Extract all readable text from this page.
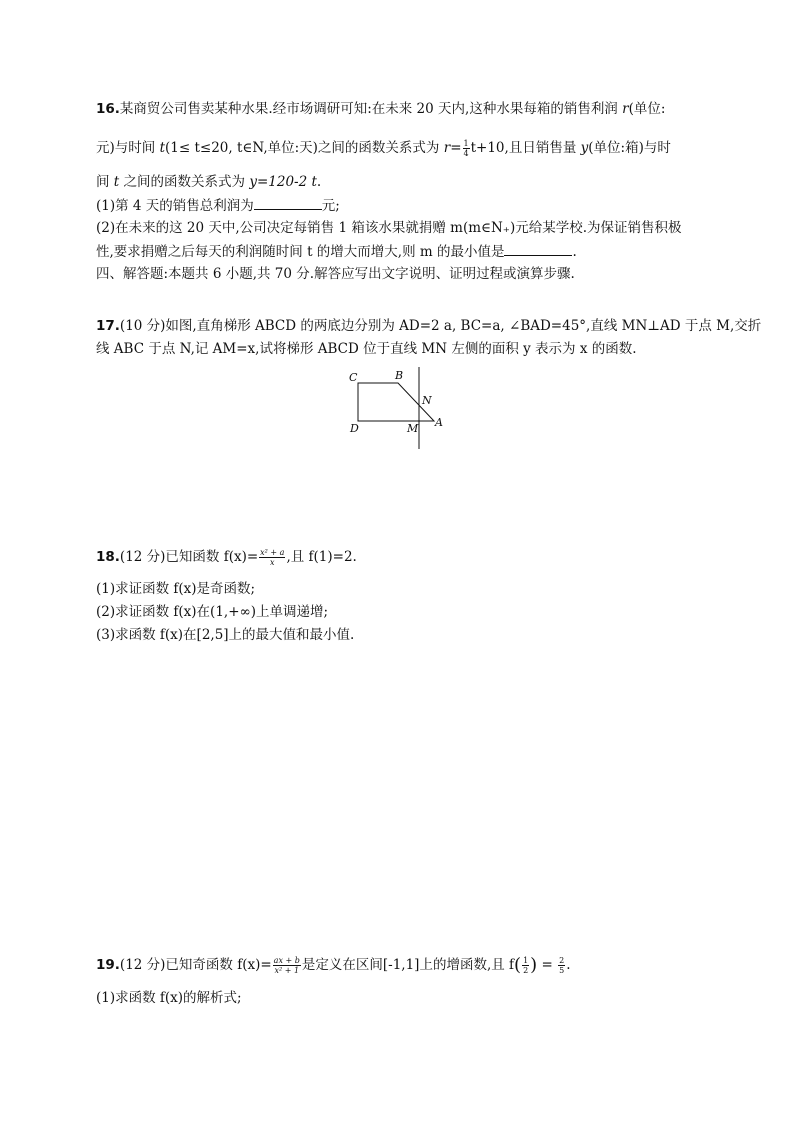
16.某商贸公司售卖某种水果.经市场调研可知:在未来 20 天内,这种水果每箱的销售利润 r(单位:
元)与时间 t(1≤ t≤20, t∈N,单位:天)之间的函数关系式为 $r= \frac{1}{4} t+10$,且日销售量 y(单位:箱)与时
间 t 之间的函数关系式为 y=120-2 t.
(1)第 4 天的销售总利润为	元;
(2)在未来的这 20 天中,公司决定每销售 1 箱该水果就捐赠 m(m∈N₊)元给某学校.为保证销售积极
性,要求捐赠之后每天的利润随时间 t 的增大而增大,则 m 的最小值是	.
四、解答题:本题共 6 小题,共 70 分.解答应写出文字说明、证明过程或演算步骤.
17.(10 分)如图,直角梯形 ABCD 的两底边分别为 AD=2 a, BC=a, ∠BAD=45°,直线 MN⊥AD 于点 M,交折
线 ABC 于点 N,记 AM=x,试将梯形 ABCD 位于直线 MN 左侧的面积 y 表示为 x 的函数.
C	B
N
D	M A
18.(12 分)已知函数 $f(x)= \frac{\text{x² + a}}{x}$ ,且 f(1)=2.
(1)求证函数 f(x)是奇函数;
(2)求证函数 f(x)在(1,+∞)上单调递增;
(3)求函数 f(x)在[2,5]上的最大值和最小值.
19.(12 分)已知奇函数 $f(x)= \frac{ax + b}{\text{x² + 1}}$ 是定义在区间[-1,1]上的增函数,且 $f( \frac{1}{2}$ ) = $\frac{2}{5}$ .
(1)求函数 f(x)的解析式;
